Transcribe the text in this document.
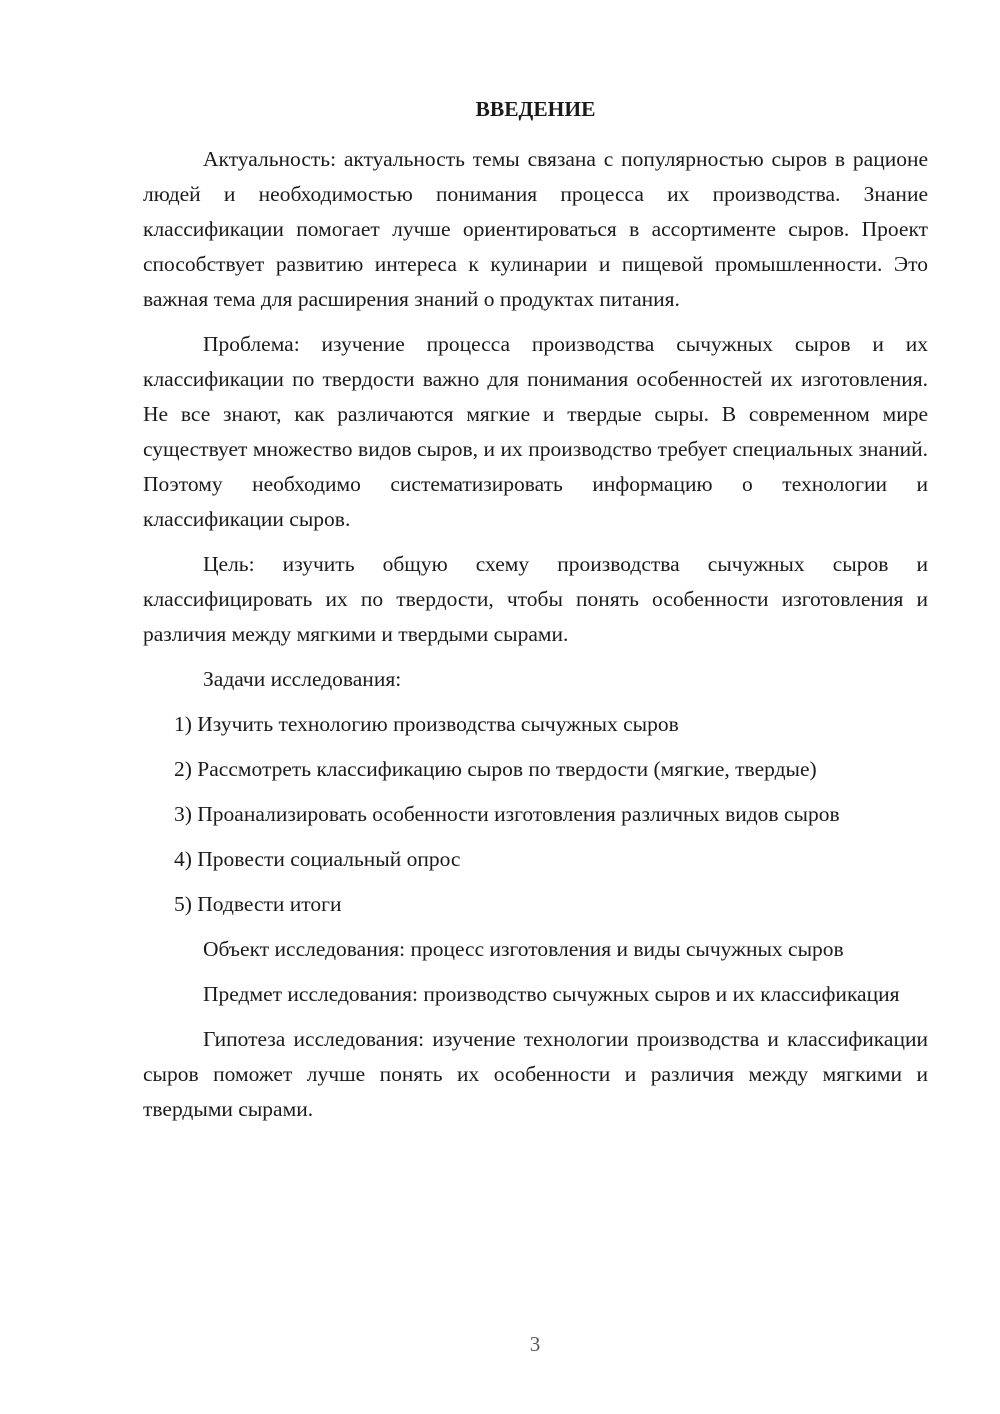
ВВЕДЕНИЕ

Актуальность: актуальность темы связана с популярностью сыров в рационе людей и необходимостью понимания процесса их производства. Знание классификации помогает лучше ориентироваться в ассортименте сыров. Проект способствует развитию интереса к кулинарии и пищевой промышленности. Это важная тема для расширения знаний о продуктах питания.

Проблема: изучение процесса производства сычужных сыров и их классификации по твердости важно для понимания особенностей их изготовления. Не все знают, как различаются мягкие и твердые сыры. В современном мире существует множество видов сыров, и их производство требует специальных знаний. Поэтому необходимо систематизировать информацию о технологии и классификации сыров.

Цель: изучить общую схему производства сычужных сыров и классифицировать их по твердости, чтобы понять особенности изготовления и различия между мягкими и твердыми сырами.

Задачи исследования:

1) Изучить технологию производства сычужных сыров

2) Рассмотреть классификацию сыров по твердости (мягкие, твердые)

3) Проанализировать особенности изготовления различных видов сыров

4) Провести социальный опрос

5) Подвести итоги

Объект исследования: процесс изготовления и виды сычужных сыров

Предмет исследования: производство сычужных сыров и их классификация

Гипотеза исследования: изучение технологии производства и классификации сыров поможет лучше понять их особенности и различия между мягкими и твердыми сырами.

3
